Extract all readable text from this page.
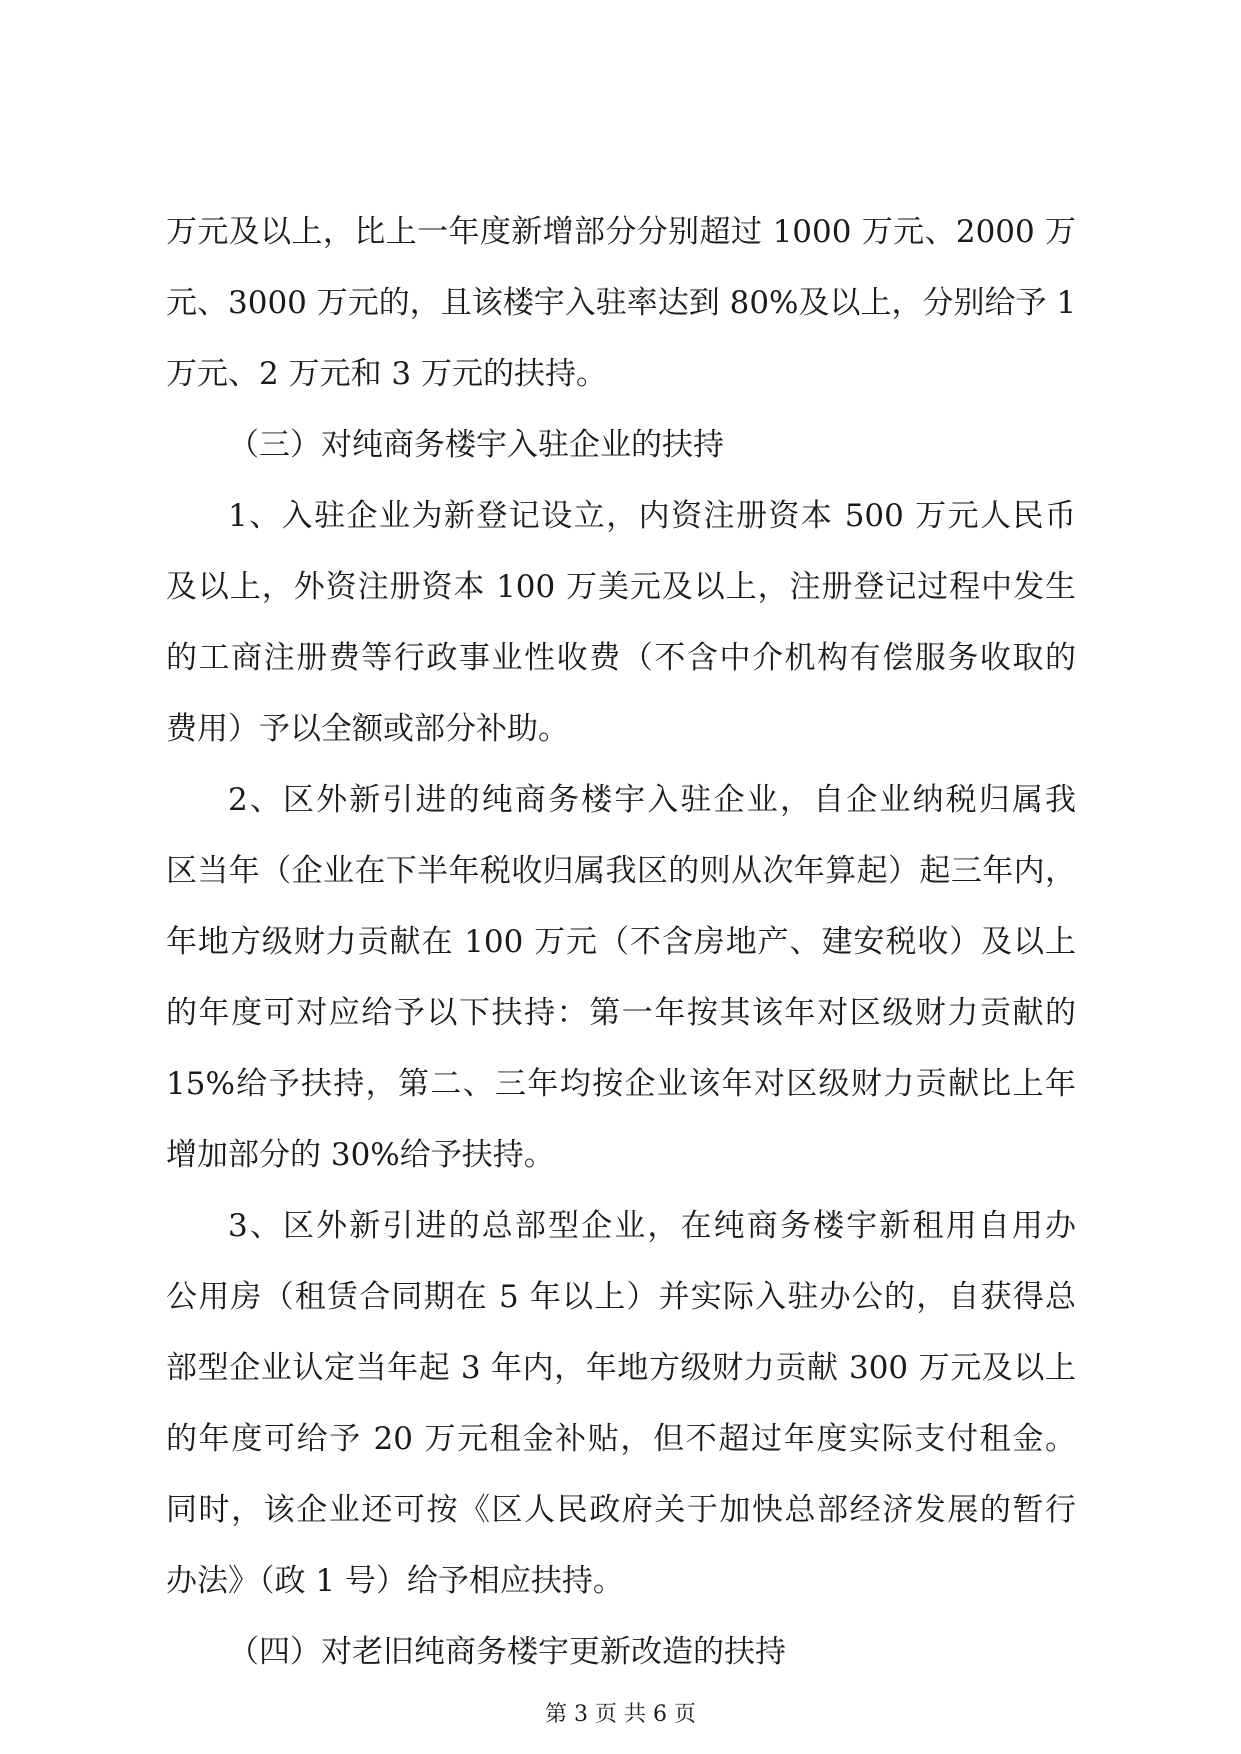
万元及以上，比上一年度新增部分分别超过 1000 万元、2000 万
元、3000 万元的，且该楼宇入驻率达到 80%及以上，分别给予 1
万元、2 万元和 3 万元的扶持。
（三）对纯商务楼宇入驻企业的扶持
1、入驻企业为新登记设立，内资注册资本 500 万元人民币
及以上，外资注册资本 100 万美元及以上，注册登记过程中发生
的工商注册费等行政事业性收费（不含中介机构有偿服务收取的
费用）予以全额或部分补助。
2、区外新引进的纯商务楼宇入驻企业，自企业纳税归属我
区当年（企业在下半年税收归属我区的则从次年算起）起三年内，
年地方级财力贡献在 100 万元（不含房地产、建安税收）及以上
的年度可对应给予以下扶持：第一年按其该年对区级财力贡献的
15%给予扶持，第二、三年均按企业该年对区级财力贡献比上年
增加部分的 30%给予扶持。
3、区外新引进的总部型企业，在纯商务楼宇新租用自用办
公用房（租赁合同期在 5 年以上）并实际入驻办公的，自获得总
部型企业认定当年起 3 年内，年地方级财力贡献 300 万元及以上
的年度可给予 20 万元租金补贴，但不超过年度实际支付租金。
同时，该企业还可按《区人民政府关于加快总部经济发展的暂行
办法》（政 1 号）给予相应扶持。
（四）对老旧纯商务楼宇更新改造的扶持
第 3 页 共 6 页
